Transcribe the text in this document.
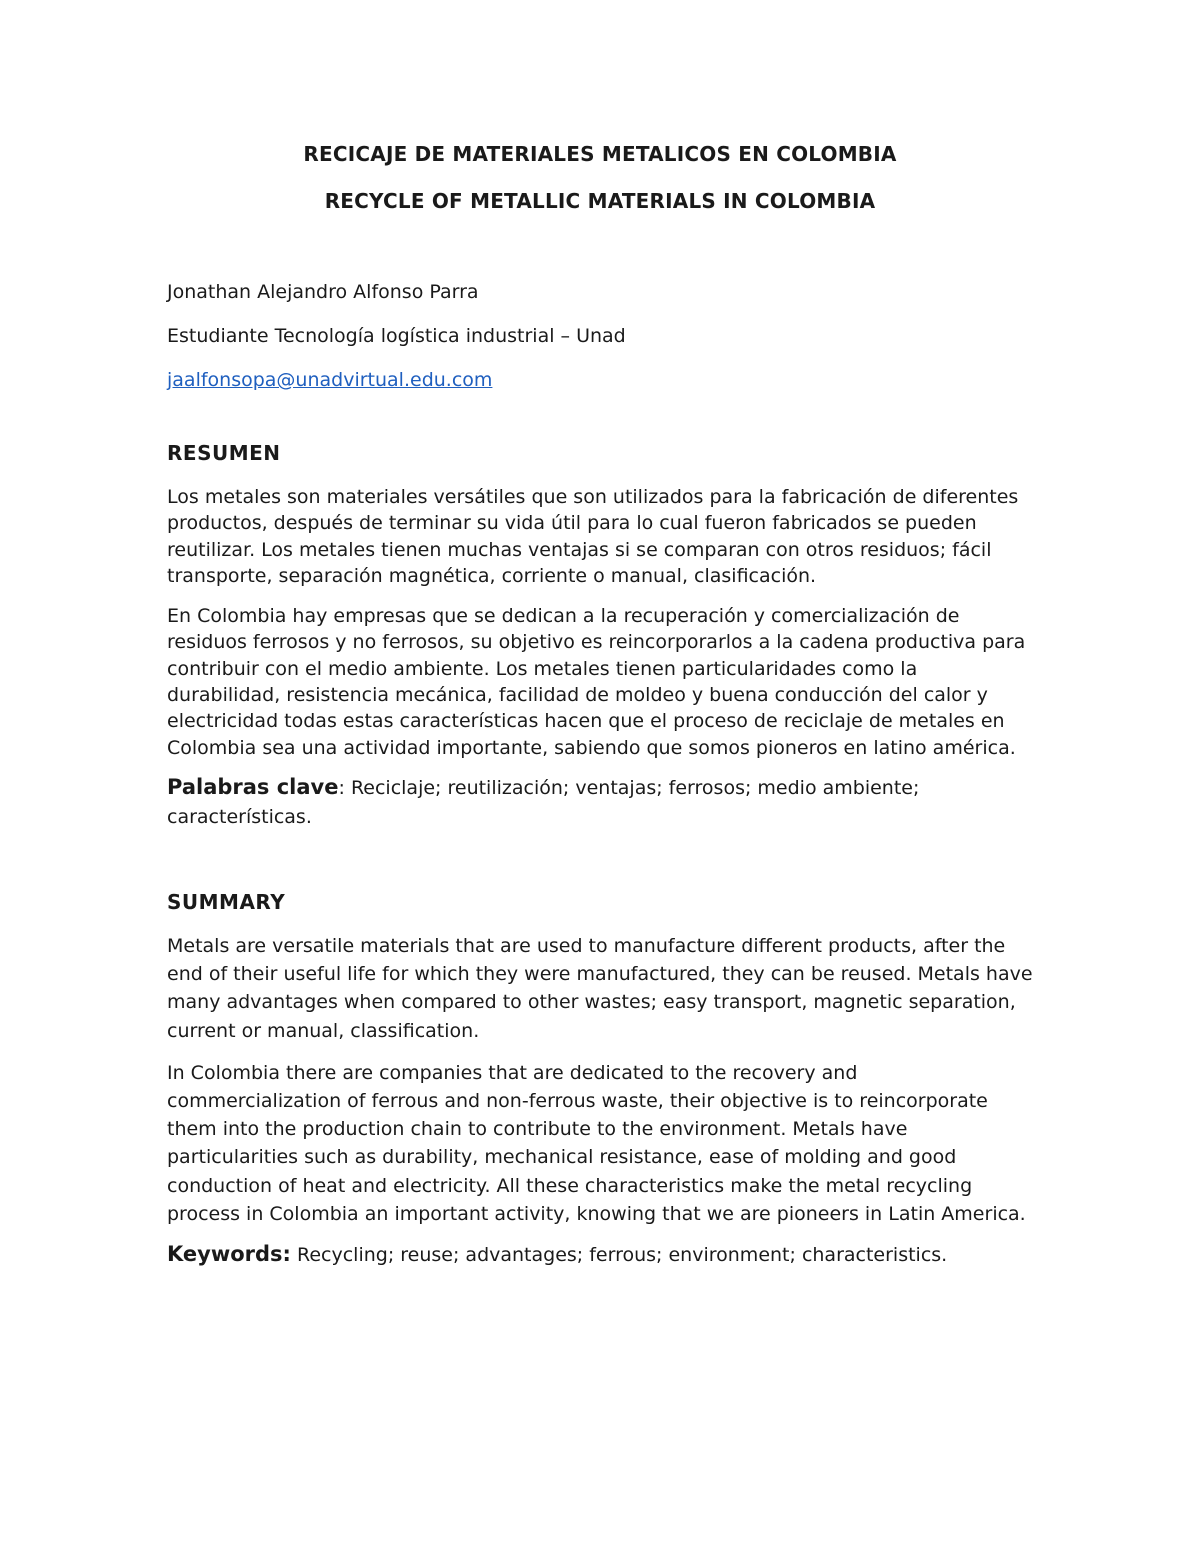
RECICAJE DE MATERIALES METALICOS EN COLOMBIA
RECYCLE OF METALLIC MATERIALS IN COLOMBIA

Jonathan Alejandro Alfonso Parra

Estudiante Tecnología logística industrial – Unad

jaalfonsopa@unadvirtual.edu.com

RESUMEN

Los metales son materiales versátiles que son utilizados para la fabricación de diferentes productos, después de terminar su vida útil para lo cual fueron fabricados se pueden reutilizar. Los metales tienen muchas ventajas si se comparan con otros residuos; fácil transporte, separación magnética, corriente o manual, clasificación.

En Colombia hay empresas que se dedican a la recuperación y comercialización de residuos ferrosos y no ferrosos, su objetivo es reincorporarlos a la cadena productiva para contribuir con el medio ambiente. Los metales tienen particularidades como la durabilidad, resistencia mecánica, facilidad de moldeo y buena conducción del calor y electricidad todas estas características hacen que el proceso de reciclaje de metales en Colombia sea una actividad importante, sabiendo que somos pioneros en latino américa.

Palabras clave: Reciclaje; reutilización; ventajas; ferrosos; medio ambiente; características.

SUMMARY

Metals are versatile materials that are used to manufacture different products, after the end of their useful life for which they were manufactured, they can be reused. Metals have many advantages when compared to other wastes; easy transport, magnetic separation, current or manual, classification.

In Colombia there are companies that are dedicated to the recovery and commercialization of ferrous and non-ferrous waste, their objective is to reincorporate them into the production chain to contribute to the environment. Metals have particularities such as durability, mechanical resistance, ease of molding and good conduction of heat and electricity. All these characteristics make the metal recycling process in Colombia an important activity, knowing that we are pioneers in Latin America.

Keywords: Recycling; reuse; advantages; ferrous; environment; characteristics.
